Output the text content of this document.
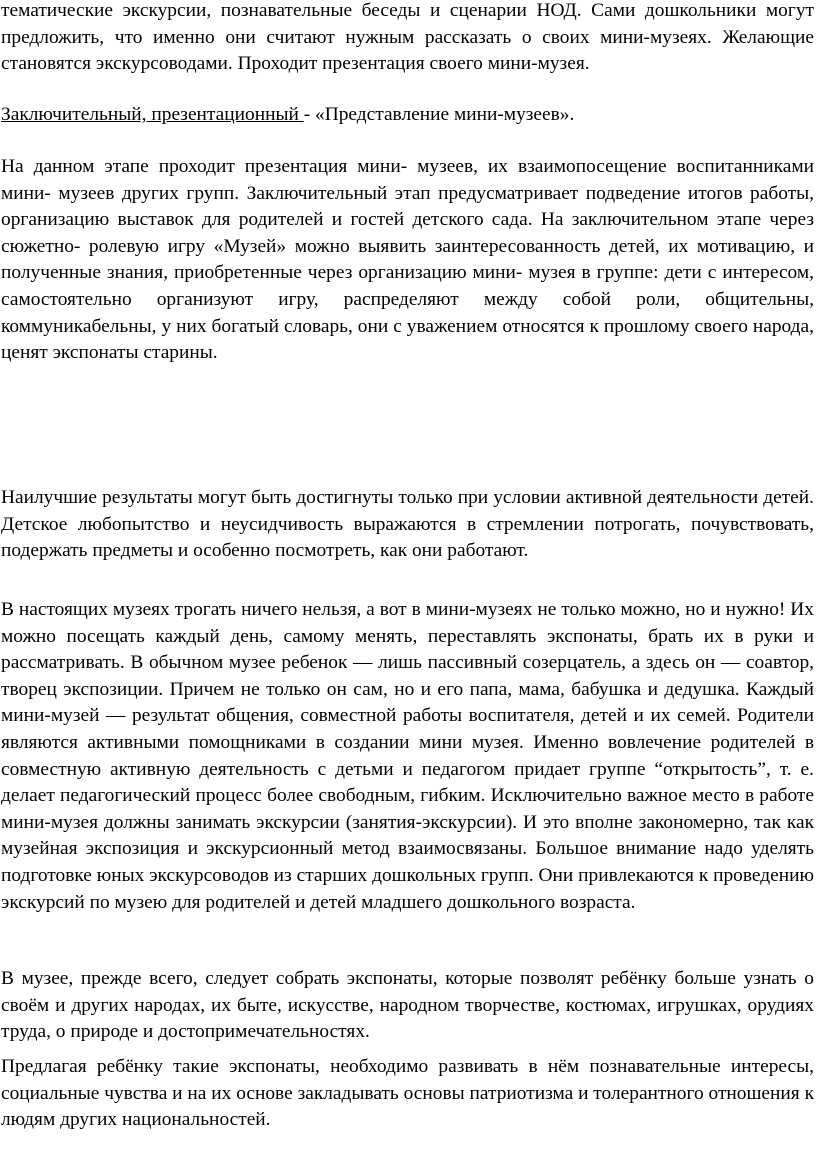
тематические экскурсии, познавательные беседы и сценарии НОД. Сами дошкольники могут предложить, что именно они считают нужным рассказать о своих мини-музеях. Желающие становятся экскурсоводами. Проходит презентация своего мини-музея.

Заключительный, презентационный - «Представление мини-музеев».

На данном этапе проходит презентация мини- музеев, их взаимопосещение воспитанниками мини- музеев других групп. Заключительный этап предусматривает подведение итогов работы, организацию выставок для родителей и гостей детского сада. На заключительном этапе через сюжетно- ролевую игру «Музей» можно выявить заинтересованность детей, их мотивацию, и полученные знания, приобретенные через организацию мини- музея в группе: дети с интересом, самостоятельно организуют игру, распределяют между собой роли, общительны, коммуникабельны, у них богатый словарь, они с уважением относятся к прошлому своего народа, ценят экспонаты старины.

Наилучшие результаты могут быть достигнуты только при условии активной деятельности детей. Детское любопытство и неусидчивость выражаются в стремлении потрогать, почувствовать, подержать предметы и особенно посмотреть, как они работают.

В настоящих музеях трогать ничего нельзя, а вот в мини-музеях не только можно, но и нужно! Их можно посещать каждый день, самому менять, переставлять экспонаты, брать их в руки и рассматривать. В обычном музее ребенок — лишь пассивный созерцатель, а здесь он — соавтор, творец экспозиции. Причем не только он сам, но и его папа, мама, бабушка и дедушка. Каждый мини-музей — результат общения, совместной работы воспитателя, детей и их семей. Родители являются активными помощниками в создании мини музея. Именно вовлечение родителей в совместную активную деятельность с детьми и педагогом придает группе “открытость”, т. е. делает педагогический процесс более свободным, гибким. Исключительно важное место в работе мини-музея должны занимать экскурсии (занятия-экскурсии). И это вполне закономерно, так как музейная экспозиция и экскурсионный метод взаимосвязаны. Большое внимание надо уделять подготовке юных экскурсоводов из старших дошкольных групп. Они привлекаются к проведению экскурсий по музею для родителей и детей младшего дошкольного возраста.

В музее, прежде всего, следует собрать экспонаты, которые позволят ребёнку больше узнать о своём и других народах, их быте, искусстве, народном творчестве, костюмах, игрушках, орудиях труда, о природе и достопримечательностях.

Предлагая ребёнку такие экспонаты, необходимо развивать в нём познавательные интересы, социальные чувства и на их основе закладывать основы патриотизма и толерантного отношения к людям других национальностей.
